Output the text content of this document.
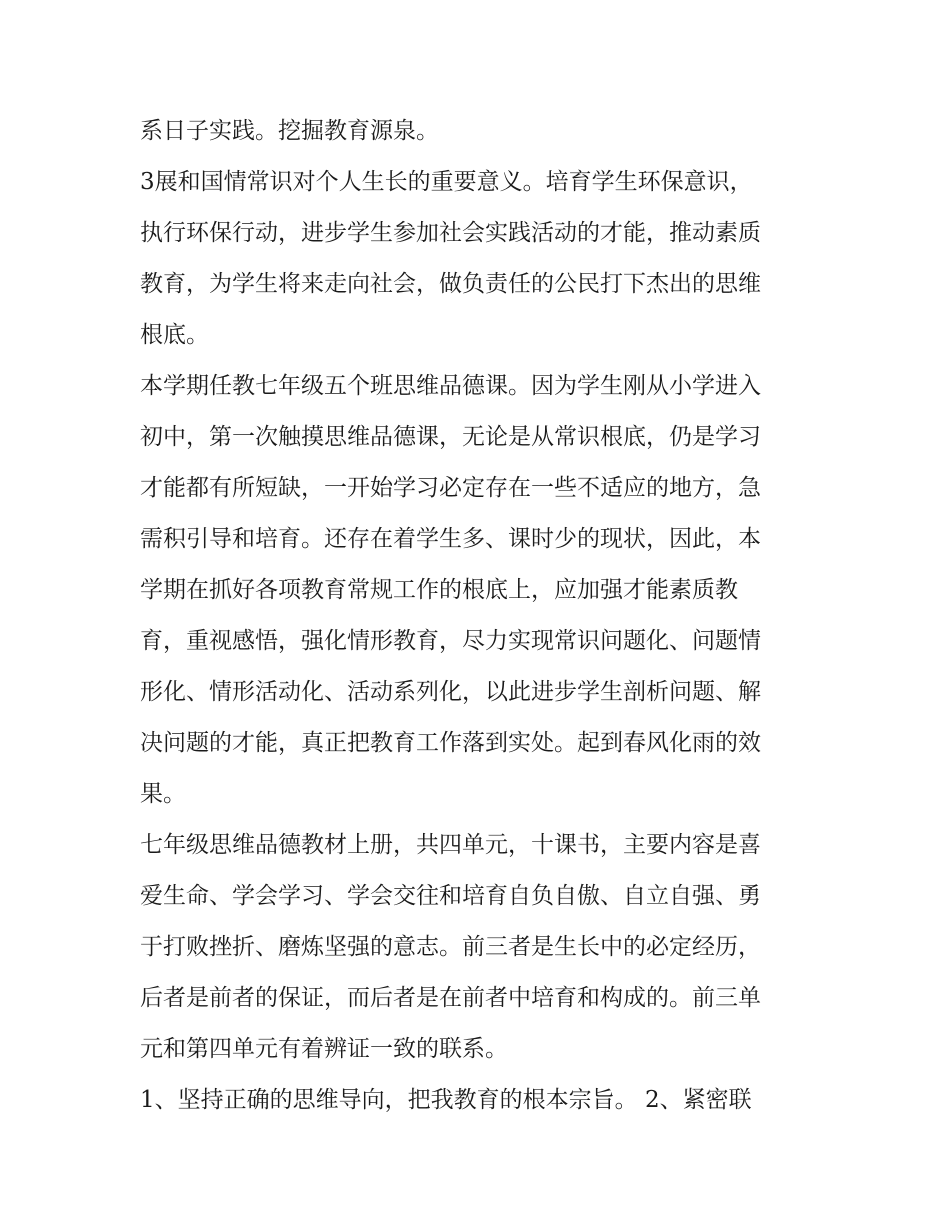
系日子实践。挖掘教育源泉。
3展和国情常识对个人生长的重要意义。培育学生环保意识，
执行环保行动，进步学生参加社会实践活动的才能，推动素质
教育，为学生将来走向社会，做负责任的公民打下杰出的思维
根底。
本学期任教七年级五个班思维品德课。因为学生刚从小学进入
初中，第一次触摸思维品德课，无论是从常识根底，仍是学习
才能都有所短缺，一开始学习必定存在一些不适应的地方，急
需积引导和培育。还存在着学生多、课时少的现状，因此，本
学期在抓好各项教育常规工作的根底上，应加强才能素质教
育，重视感悟，强化情形教育，尽力实现常识问题化、问题情
形化、情形活动化、活动系列化，以此进步学生剖析问题、解
决问题的才能，真正把教育工作落到实处。起到春风化雨的效
果。
七年级思维品德教材上册，共四单元，十课书，主要内容是喜
爱生命、学会学习、学会交往和培育自负自傲、自立自强、勇
于打败挫折、磨炼坚强的意志。前三者是生长中的必定经历，
后者是前者的保证，而后者是在前者中培育和构成的。前三单
元和第四单元有着辨证一致的联系。
1、坚持正确的思维导向，把我教育的根本宗旨。 2、紧密联
